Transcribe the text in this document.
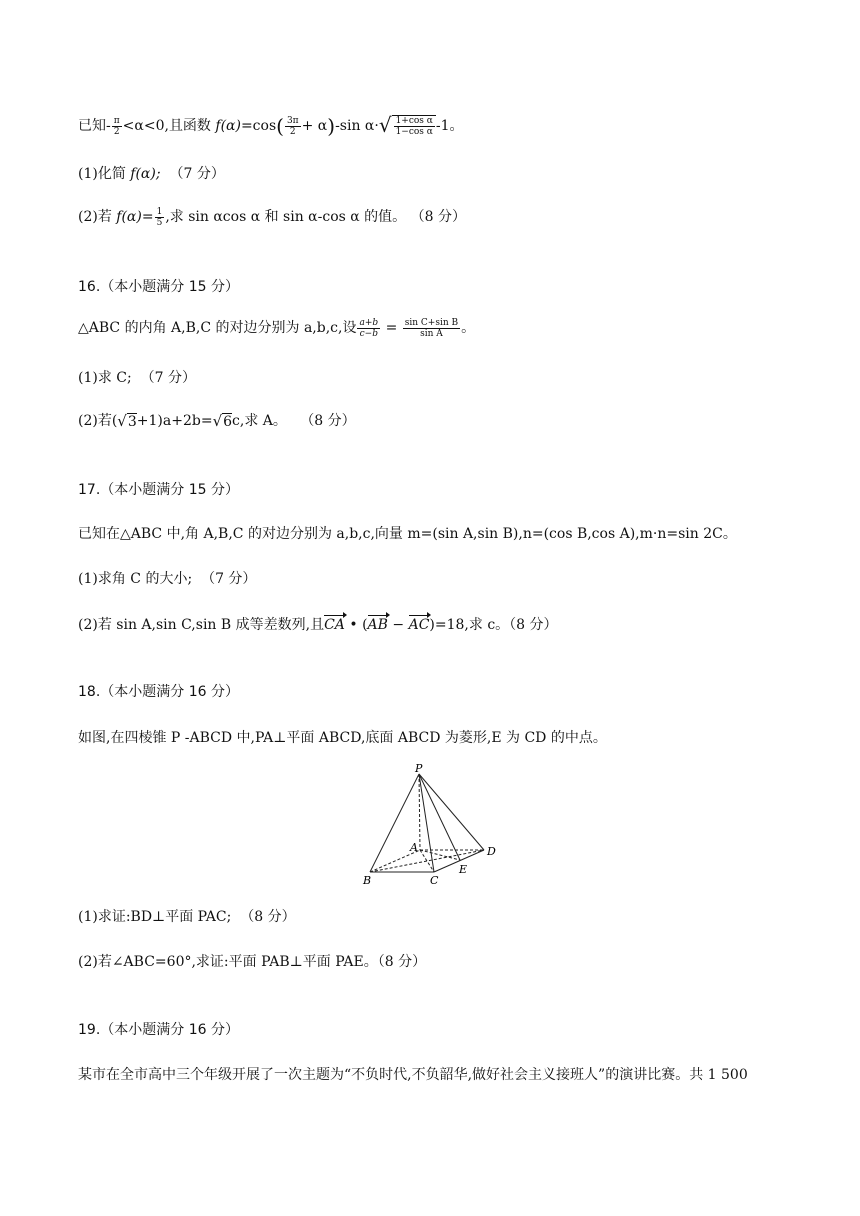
已知- $\frac{\pi}{2} <\alpha<0$,且函数 $f(\alpha)=\cos( \frac{3\pi}{2} + \alpha)-\sin$ α· √ $\frac{\text{1+cos α}}{\text{1−cos α}} -1$。
(1)化简 f(α); （7 分）
(2)若 $f(\alpha)= \frac{1}{5}$ ,求 sin αcos α 和 sin α-cos α 的值。 （8 分）
16.（本小题满分 15 分）
△ABC 的内角 A,B,C 的对边分别为 a,b,c,设 $\frac{a+b}{c-b} = \frac{\text{sin C+sin B}}{\text{sin A}}$ 。
(1)求 C; （7 分）
(2)若( √ 3 +1)a+2b= √ 6 c,求 A。 （8 分）
17.（本小题满分 15 分）
已知在△ABC 中,角 A,B,C 的对边分别为 a,b,c,向量 m=(sin A,sin B),n=(cos B,cos A),m·n=sin 2C。
(1)求角 C 的大小; （7 分）
(2)若 sin A,sin C,sin B 成等差数列,且CA • (AB − AC)=18,求 c。（8 分）
18.（本小题满分 16 分）
如图,在四棱锥 P -ABCD 中,PA⊥平面 ABCD,底面 ABCD 为菱形,E 为 CD 的中点。
P
A
B	C
D
E
(1)求证:BD⊥平面 PAC; （8 分）
(2)若∠ABC=60°,求证:平面 PAB⊥平面 PAE。（8 分）
19.（本小题满分 16 分）
某市在全市高中三个年级开展了一次主题为“不负时代,不负韶华,做好社会主义接班人”的演讲比赛。共 1 500
